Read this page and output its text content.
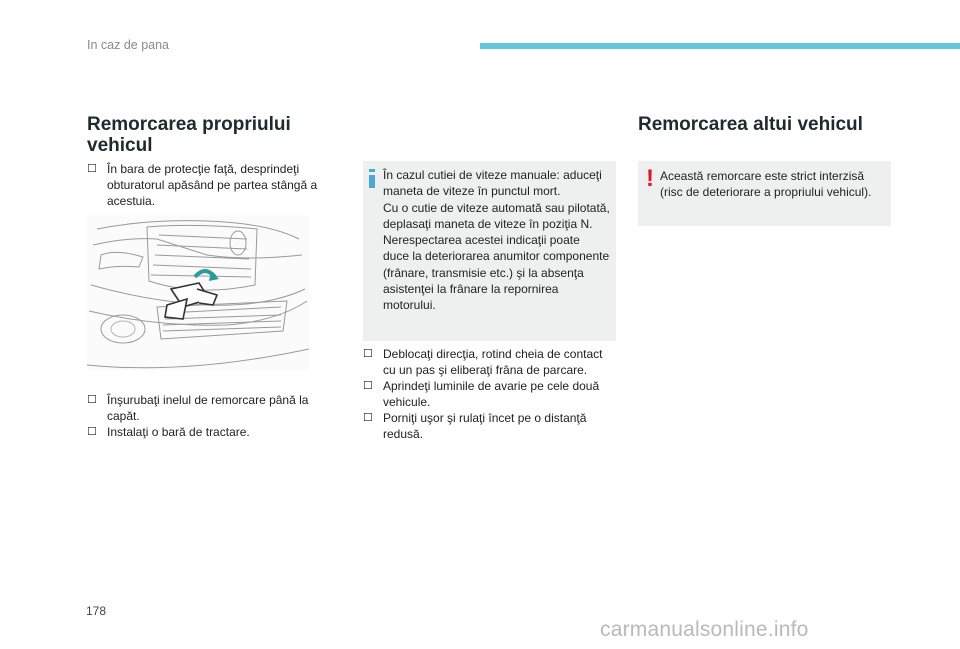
In caz de pana
Remorcarea propriului vehicul
☐ În bara de protecţie faţă, desprindeţi obturatorul apăsând pe partea stângă a acestuia.
☐ Înşurubaţi inelul de remorcare până la capăt.
☐ Instalaţi o bară de tractare.
În cazul cutiei de viteze manuale: aduceţi
maneta de viteze în punctul mort.
Cu o cutie de viteze automată sau pilotată,
deplasaţi maneta de viteze în poziţia N.
Nerespectarea acestei indicaţii poate
duce la deteriorarea anumitor componente
(frânare, transmisie etc.) şi la absenţa
asistenţei la frânare la repornirea
motorului.
☐ Deblocaţi direcţia, rotind cheia de contact cu un pas şi eliberaţi frâna de parcare.
☐ Aprindeţi luminile de avarie pe cele două vehicule.
☐ Porniţi uşor şi rulaţi încet pe o distanţă redusă.
Remorcarea altui vehicul
! Această remorcare este strict interzisă
(risc de deteriorare a propriului vehicul).
178
carmanualsonline.info
